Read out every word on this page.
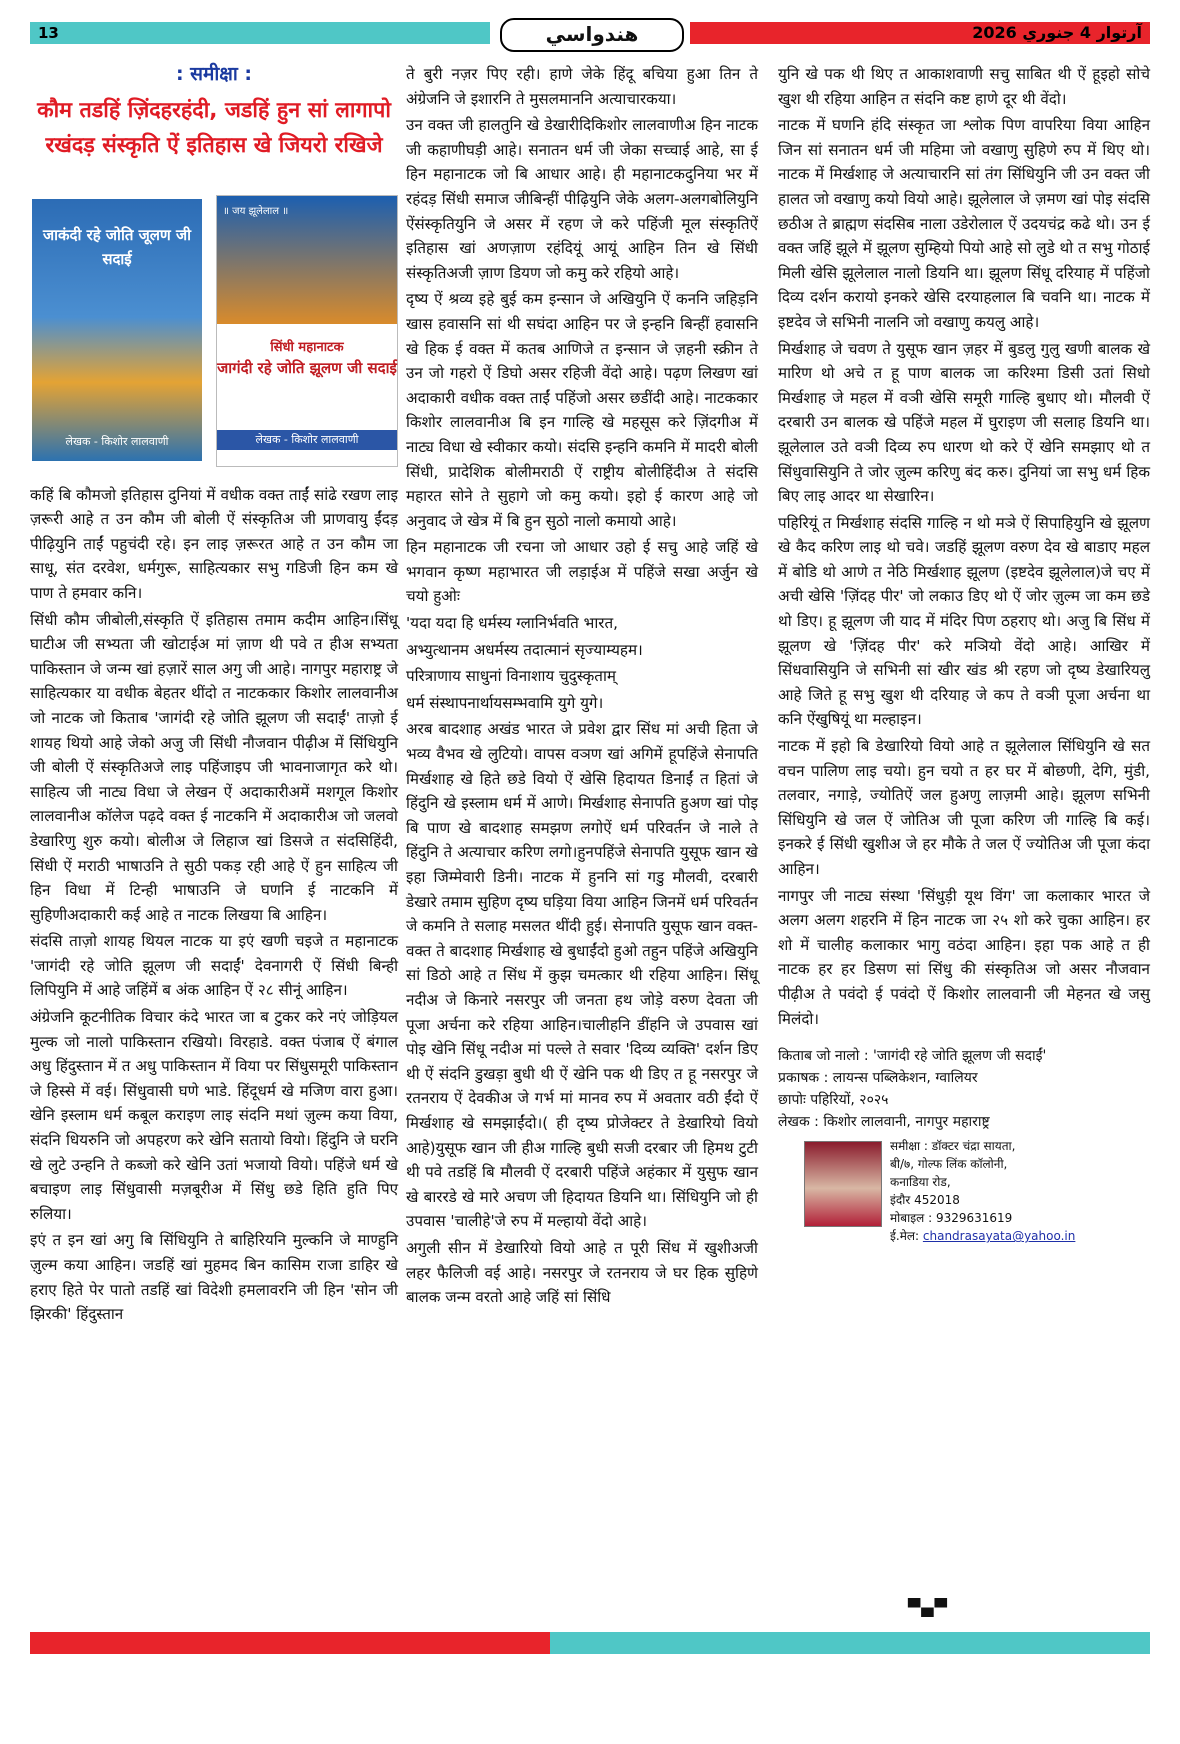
13	هندواسي	آرتوار 4 جنوري 2026
: समीक्षा :
कौम तडहिं ज़िंदहरहंदी, जडहिं हुन सां लागापो रखंदड़ संस्कृति ऐं इतिहास खे जियरो रखिजे
जाकंदी रहे जोति जूलण जी सदाई
लेखक - किशोर लालवाणी
॥ जय झूलेलाल ॥
सिंधी महानाटक
जागंदी रहे जोति झूलण जी सदाई
लेखक - किशोर लालवाणी

कहिं बि कौमजो इतिहास दुनियां में वधीक वक्त ताईं सांढे रखण लाइ ज़रूरी आहे त उन कौम जी बोली ऐं संस्कृतिअ जी प्राणवायु ईंदड़ पीढ़ियुनि ताईं पहुचंदी रहे। इन लाइ ज़रूरत आहे त उन कौम जा साधू, संत दरवेश, धर्मगुरू, साहित्यकार सभु गडिजी हिन कम खे पाण ते हमवार कनि।

सिंधी कौम जीबोली,संस्कृति ऐं इतिहास तमाम कदीम आहिन।सिंधू घाटीअ जी सभ्यता जी खोटाईअ मां ज़ाण थी पवे त हीअ सभ्यता पाकिस्तान जे जन्म खां हज़ारें साल अगु जी आहे। नागपुर महाराष्ट्र जे साहित्यकार या वधीक बेहतर थींदो त नाटककार किशोर लालवानीअ जो नाटक जो किताब 'जागंदी रहे जोति झूलण जी सदाईं' ताज़ो ई शायह थियो आहे जेको अजु जी सिंधी नौजवान पीढ़ीअ में सिंधियुनि जी बोली ऐं संस्कृतिअजे लाइ पहिंजाइप जी भावनाजागृत करे थो। साहित्य जी नाट्य विधा जे लेखन ऐं अदाकारीअमें मशगूल किशोर लालवानीअ कॉलेज पढ़दे वक्त ई नाटकनि में अदाकारीअ जो जलवो डेखारिणु शुरु कयो। बोलीअ जे लिहाज खां डिसजे त संदसिहिंदी, सिंधी ऐं मराठी भाषाउनि ते सुठी पकड़ रही आहे ऐं हुन साहित्य जी हिन विधा में टिन्ही भाषाउनि जे घणनि ई नाटकनि में सुहिणीअदाकारी कई आहे त नाटक लिखया बि आहिन।

संदसि ताज़ो शायह थियल नाटक या इएं खणी चइजे त महानाटक 'जागंदी रहे जोति झूलण जी सदाईं' देवनागरी ऐं सिंधी बिन्ही लिपियुनि में आहे जहिंमें ब अंक आहिन ऐं २८ सीनूं आहिन।

अंग्रेजनि कूटनीतिक विचार कंदे भारत जा ब टुकर करे नएं जोड़ियल मुल्क जो नालो पाकिस्तान रखियो। विरहाडे. वक्त पंजाब ऐं बंगाल अधु हिंदुस्तान में त अधु पाकिस्तान में विया पर सिंधुसमूरी पाकिस्तान जे हिस्से में वई। सिंधुवासी घणे भाडे. हिंदूधर्म खे मजिण वारा हुआ। खेनि इस्लाम धर्म कबूल कराइण लाइ संदनि मथां ज़ुल्म कया विया, संदनि धियरुनि जो अपहरण करे खेनि सतायो वियो। हिंदुनि जे घरनि खे लुटे उन्हनि ते कब्जो करे खेनि उतां भजायो वियो। पहिंजे धर्म खे बचाइण लाइ सिंधुवासी मज़बूरीअ में सिंधु छडे हिति हुति पिए रुलिया।

इएं त इन खां अगु बि सिंधियुनि ते बाहिरियनि मुल्कनि जे माण्हुनि ज़ुल्म कया आहिन। जडहिं खां मुहमद बिन कासिम राजा डाहिर खे हराए हिते पेर पातो तडहिं खां विदेशी हमलावरनि जी हिन 'सोन जी झिरकी' हिंदुस्तान

ते बुरी नज़र पिए रही। हाणे जेके हिंदू बचिया हुआ तिन ते अंग्रेजनि जे इशारनि ते मुसलमाननि अत्याचारकया।

उन वक्त जी हालतुनि खे डेखारीदिकिशोर लालवाणीअ हिन नाटक जी कहाणीघड़ी आहे। सनातन धर्म जी जेका सच्चाई आहे, सा ई हिन महानाटक जो बि आधार आहे। ही महानाटकदुनिया भर में रहंदड़ सिंधी समाज जीबिन्हीं पीढ़ियुनि जेके अलग-अलगबोलियुनि ऐंसंस्कृतियुनि जे असर में रहण जे करे पहिंजी मूल संस्कृतिऐं इतिहास खां अणज़ाण रहंदियूं आयूं आहिन तिन खे सिंधी संस्कृतिअजी ज़ाण डियण जो कमु करे रहियो आहे।

दृष्य ऐं श्रव्य इहे बुई कम इन्सान जे अखियुनि ऐं कननि जहिड़नि खास हवासनि सां थी सघंदा आहिन पर जे इन्हनि बिन्हीं हवासनि खे हिक ई वक्त में कतब आणिजे त इन्सान जे ज़हनी स्क्रीन ते उन जो गहरो ऐं डिघो असर रहिजी वेंदो आहे। पढ़ण लिखण खां अदाकारी वधीक वक्त ताईं पहिंजो असर छडींदी आहे। नाटककार किशोर लालवानीअ बि इन गाल्हि खे महसूस करे ज़िंदगीअ में नाट्य विधा खे स्वीकार कयो। संदसि इन्हनि कमनि में मादरी बोली सिंधी, प्रादेशिक बोलीमराठी ऐं राष्ट्रीय बोलीहिंदीअ ते संदसि महारत सोने ते सुहागे जो कमु कयो। इहो ई कारण आहे जो अनुवाद जे खेत्र में बि हुन सुठो नालो कमायो आहे।

हिन महानाटक जी रचना जो आधार उहो ई सचु आहे जहिं खे भगवान कृष्ण महाभारत जी लड़ाईअ में पहिंजे सखा अर्जुन खे चयो हुओः

'यदा यदा हि धर्मस्य ग्लानिर्भवति भारत,

अभ्युत्थानम अधर्मस्य तदात्मानं सृज्याम्यहम।

परित्राणाय साधुनां विनाशाय चुदुस्कृताम्

धर्म संस्थापनार्थायसम्भवामि युगे युगे।

अरब बादशाह अखंड भारत जे प्रवेश द्वार सिंध मां अची हिता जे भव्य वैभव खे लुटियो। वापस वञण खां अगिमें हूपहिंजे सेनापति मिर्खशाह खे हिते छडे वियो ऐं खेसि हिदायत डिनाईं त हितां जे हिंदुनि खे इस्लाम धर्म में आणे। मिर्खशाह सेनापति हुअण खां पोइ बि पाण खे बादशाह समझण लगोऐं धर्म परिवर्तन जे नाले ते हिंदुनि ते अत्याचार करिण लगो।हुनपहिंजे सेनापति युसूफ खान खे इहा जिम्मेवारी डिनी। नाटक में हुननि सां गडु मौलवी, दरबारी डेखारे तमाम सुहिण दृष्य घड़िया विया आहिन जिनमें धर्म परिवर्तन जे कमनि ते सलाह मसलत थींदी हुई। सेनापति युसूफ खान वक्त-वक्त ते बादशाह मिर्खशाह खे बुधाईंदो हुओ तहुन पहिंजे अखियुनि सां डिठो आहे त सिंध में कुझ चमत्कार थी रहिया आहिन। सिंधू नदीअ जे किनारे नसरपुर जी जनता हथ जोड़े वरुण देवता जी पूजा अर्चना करे रहिया आहिन।चालीहनि डींहनि जे उपवास खां पोइ खेनि सिंधू नदीअ मां पल्ले ते सवार 'दिव्य व्यक्ति' दर्शन डिए थी ऐं संदनि डुखड़ा बुधी थी ऐं खेनि पक थी डिए त हू नसरपुर जे रतनराय ऐं देवकीअ जे गर्भ मां मानव रुप में अवतार वठी ईंदो ऐं मिर्खशाह खे समझाईंदो।( ही दृष्य प्रोजेक्टर ते डेखारियो वियो आहे)युसूफ खान जी हीअ गाल्हि बुधी सजी दरबार जी हिमथ टुटी थी पवे तडहिं बि मौलवी ऐं दरबारी पहिंजे अहंकार में युसुफ खान खे बाररडे खे मारे अचण जी हिदायत डियनि था। सिंधियुनि जो ही उपवास 'चालीहे'जे रुप में मल्हायो वेंदो आहे।

अगुली सीन में डेखारियो वियो आहे त पूरी सिंध में खुशीअजी लहर फैलिजी वई आहे। नसरपुर जे रतनराय जे घर हिक सुहिणे बालक जन्म वरतो आहे जहिं सां सिंधि

युनि खे पक थी थिए त आकाशवाणी सचु साबित थी ऐं हूइहो सोचे खुश थी रहिया आहिन त संदनि कष्ट हाणे दूर थी वेंदो।

नाटक में घणनि हंदि संस्कृत जा श्लोक पिण वापरिया विया आहिन जिन सां सनातन धर्म जी महिमा जो वखाणु सुहिणे रुप में थिए थो। नाटक में मिर्खशाह जे अत्याचारनि सां तंग सिंधियुनि जी उन वक्त जी हालत जो वखाणु कयो वियो आहे। झूलेलाल जे ज़मण खां पोइ संदसि छठीअ ते ब्राह्मण संदसिब नाला उडेरोलाल ऐं उदयचंद्र कढे थो। उन ई वक्त जहिं झूले में झूलण सुम्हियो पियो आहे सो लुडे थो त सभु गोठाई मिली खेसि झूलेलाल नालो डियनि था। झूलण सिंधू दरियाह में पहिंजो दिव्य दर्शन करायो इनकरे खेसि दरयाहलाल बि चवनि था। नाटक में इष्टदेव जे सभिनी नालनि जो वखाणु कयलु आहे।

मिर्खशाह जे चवण ते युसूफ खान ज़हर में बुडलु गुलु खणी बालक खे मारिण थो अचे त हू पाण बालक जा करिश्मा डिसी उतां सिधो मिर्खशाह जे महल में वञी खेसि समूरी गाल्हि बुधाए थो। मौलवी ऐं दरबारी उन बालक खे पहिंजे महल में घुराइण जी सलाह डियनि था। झूलेलाल उते वञी दिव्य रुप धारण थो करे ऐं खेनि समझाए थो त सिंधुवासियुनि ते जोर ज़ुल्म करिणु बंद करु। दुनियां जा सभु धर्म हिक बिए लाइ आदर था सेखारिन।

पहिरियूं त मिर्खशाह संदसि गाल्हि न थो मञे ऐं सिपाहियुनि खे झूलण खे कैद करिण लाइ थो चवे। जडहिं झूलण वरुण देव खे बाडाए महल में बोडि थो आणे त नेठि मिर्खशाह झूलण (इष्टदेव झूलेलाल)जे चए में अची खेसि 'ज़िंदह पीर' जो लकाउ डिए थो ऐं जोर ज़ुल्म जा कम छडे थो डिए। हू झूलण जी याद में मंदिर पिण ठहराए थो। अजु बि सिंध में झूलण खे 'ज़िंदह पीर' करे मञियो वेंदो आहे। आखिर में सिंधवासियुनि जे सभिनी सां खीर खंड श्री रहण जो दृष्य डेखारियलु आहे जिते हू सभु खुश थी दरियाह जे कप ते वञी पूजा अर्चना था कनि ऐंखुषियूं था मल्हाइन।

नाटक में इहो बि डेखारियो वियो आहे त झूलेलाल सिंधियुनि खे सत वचन पालिण लाइ चयो। हुन चयो त हर घर में बोछणी, देगि, मुंडी, तलवार, नगाड़े, ज्योतिऐं जल हुअणु लाज़मी आहे। झूलण सभिनी सिंधियुनि खे जल ऐं जोतिअ जी पूजा करिण जी गाल्हि बि कई। इनकरे ई सिंधी खुशीअ जे हर मौके ते जल ऐं ज्योतिअ जी पूजा कंदा आहिन।

नागपुर जी नाट्य संस्था 'सिंधुड़ी यूथ विंग' जा कलाकार भारत जे अलग अलग शहरनि में हिन नाटक जा २५ शो करे चुका आहिन। हर शो में चालीह कलाकार भागु वठंदा आहिन। इहा पक आहे त ही नाटक हर हर डिसण सां सिंधु की संस्कृतिअ जो असर नौजवान पीढ़ीअ ते पवंदो ई पवंदो ऐं किशोर लालवानी जी मेहनत खे जसु मिलंदो।

किताब जो नालो : 'जागंदी रहे जोति झूलण जी सदाईं'

प्रकाषक : लायन्स पब्लिकेशन, ग्वालियर

छापोः पहिरियों, २०२५

लेखक : किशोर लालवानी, नागपुर महाराष्ट्र

समीक्षा : डॉक्टर चंद्रा सायता,

बी/७, गोल्फ लिंक कॉलोनी,

कनाडिया रोड,

इंदौर 452018

मोबाइल : 9329631619

ई.मेल: chandrasayata@yahoo.in

▀▄▀
